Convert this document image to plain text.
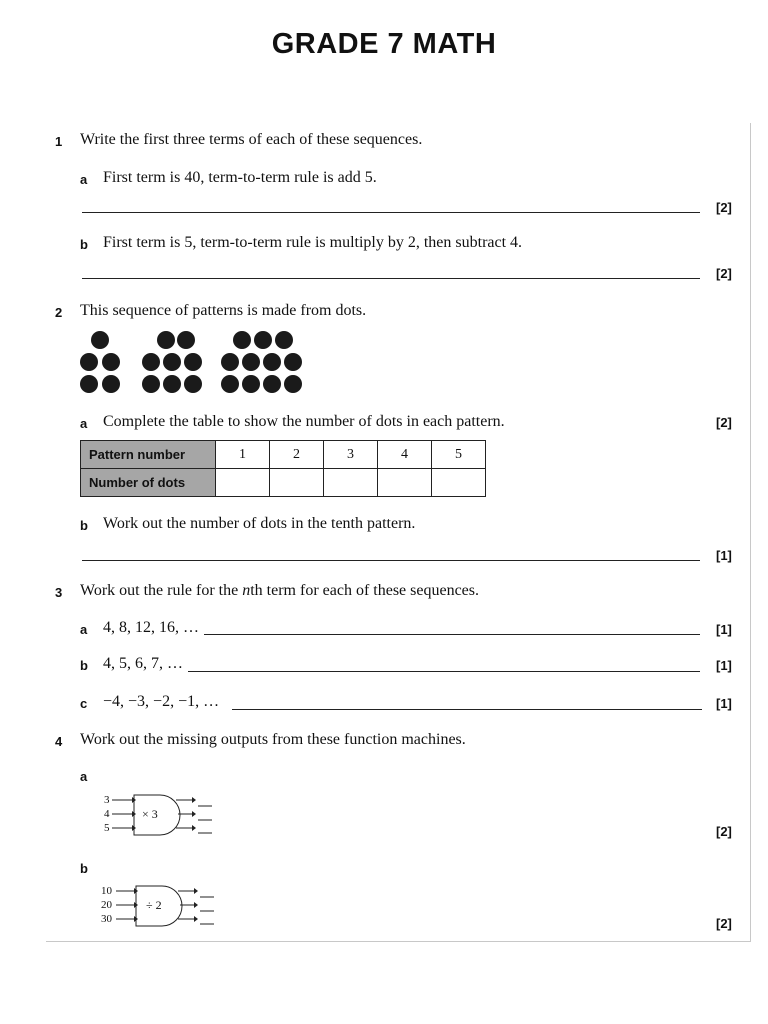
GRADE 7 MATH
1 Write the first three terms of each of these sequences.
a First term is 40, term-to-term rule is add 5.
[2]
b First term is 5, term-to-term rule is multiply by 2, then subtract 4.
[2]
2 This sequence of patterns is made from dots.
a Complete the table to show the number of dots in each pattern.	[2]
Pattern number	1	2	3	4	5
Number of dots					
b Work out the number of dots in the tenth pattern.
[1]
3 Work out the rule for the nth term for each of these sequences.
a 4, 8, 12, 16, …	[1]
b 4, 5, 6, 7, …	[1]
c −4, −3, −2, −1, …	[1]
4 Work out the missing outputs from these function machines.
a
3
4
5
× 3
[2]
b
10
20
30
÷ 2
[2]
